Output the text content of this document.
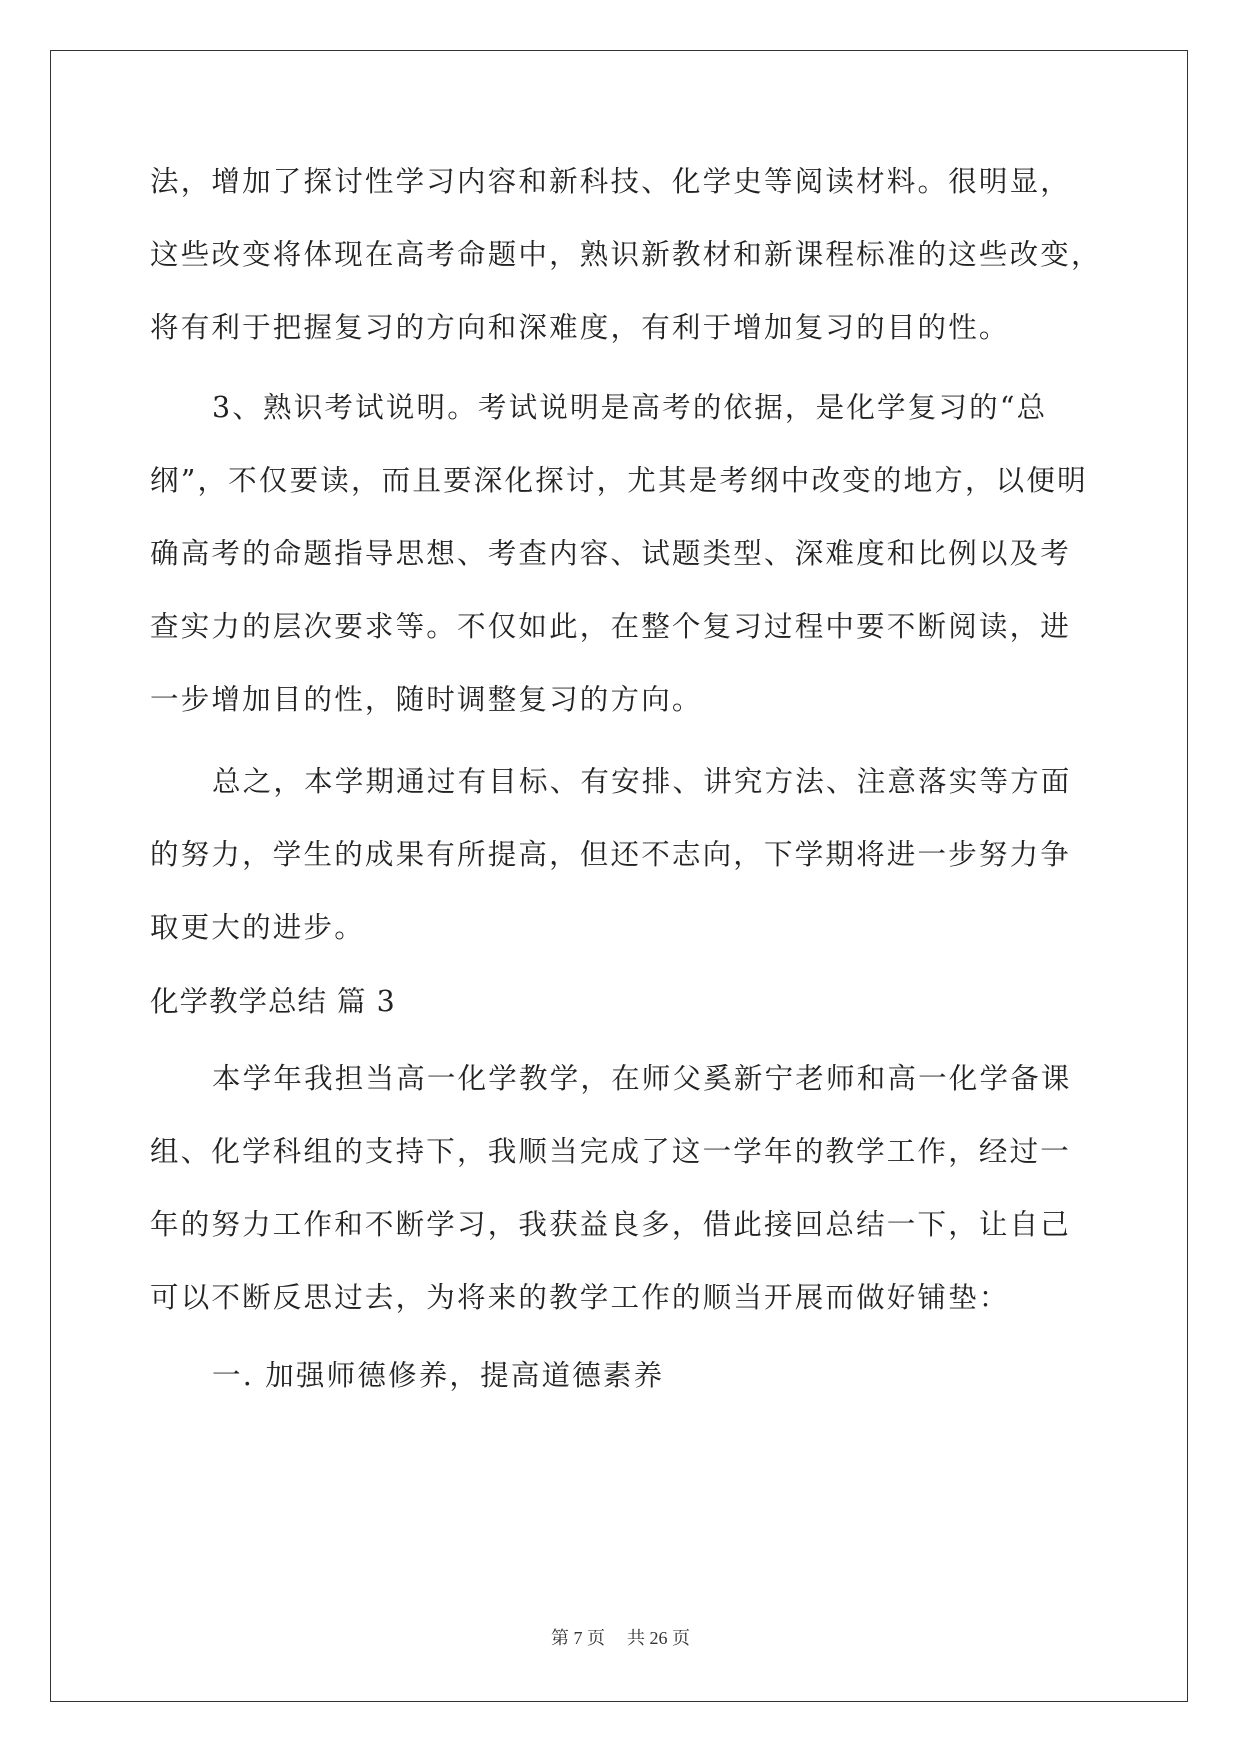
法，增加了探讨性学习内容和新科技、化学史等阅读材料。很明显，
这些改变将体现在高考命题中，熟识新教材和新课程标准的这些改变，
将有利于把握复习的方向和深难度，有利于增加复习的目的性。
3、熟识考试说明。考试说明是高考的依据，是化学复习的“总
纲”，不仅要读，而且要深化探讨，尤其是考纲中改变的地方，以便明
确高考的命题指导思想、考查内容、试题类型、深难度和比例以及考
查实力的层次要求等。不仅如此，在整个复习过程中要不断阅读，进
一步增加目的性，随时调整复习的方向。
总之，本学期通过有目标、有安排、讲究方法、注意落实等方面
的努力，学生的成果有所提高，但还不志向，下学期将进一步努力争
取更大的进步。
化学教学总结 篇 3
本学年我担当高一化学教学，在师父奚新宁老师和高一化学备课
组、化学科组的支持下，我顺当完成了这一学年的教学工作，经过一
年的努力工作和不断学习，我获益良多，借此接回总结一下，让自己
可以不断反思过去，为将来的教学工作的顺当开展而做好铺垫：
一. 加强师德修养，提高道德素养
第 7 页 共 26 页
